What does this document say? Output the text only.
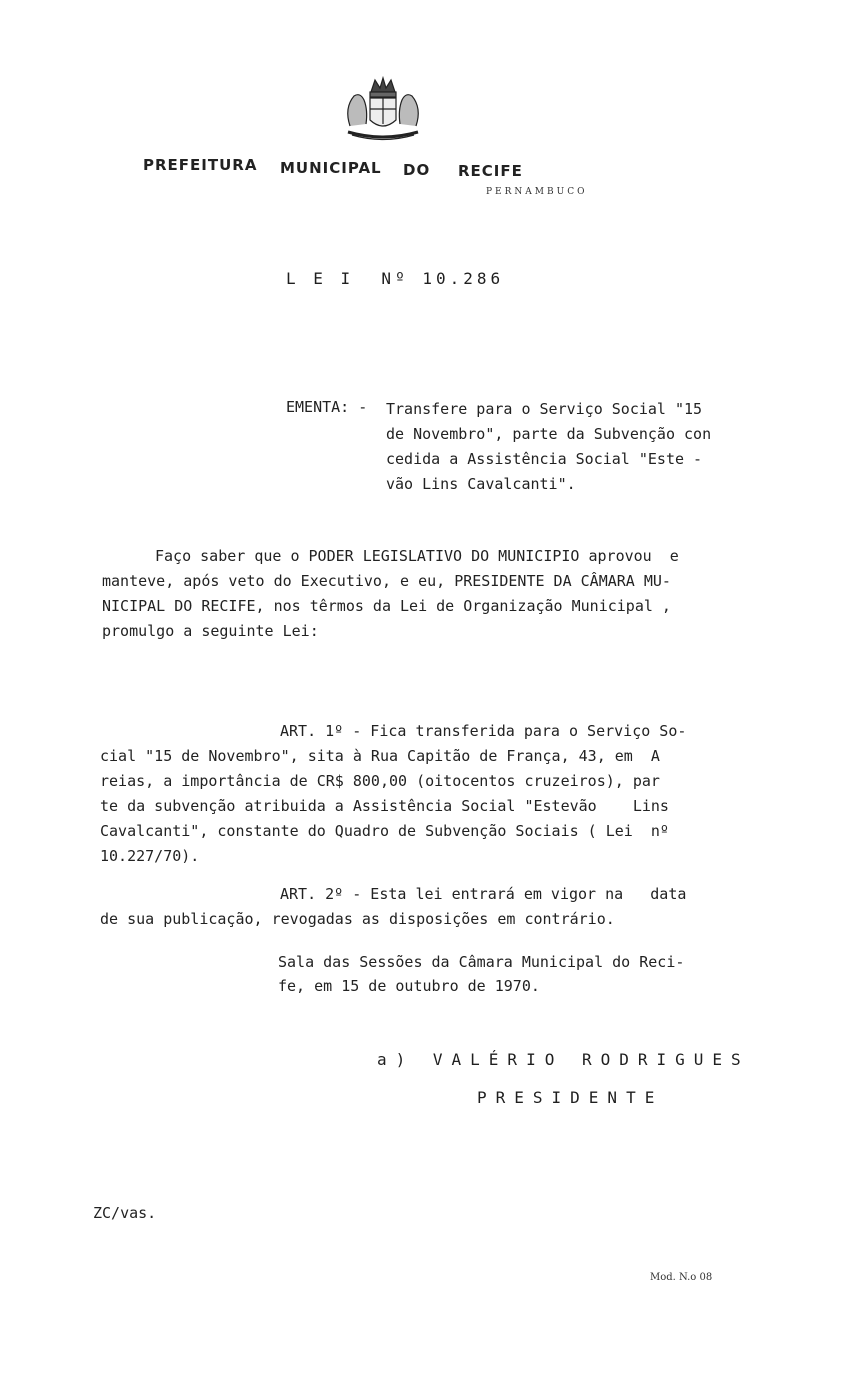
PREFEITURA MUNICIPAL DO RECIFE
PERNAMBUCO
L E I  Nº 10.286
EMENTA: - Transfere para o Serviço Social "15
de Novembro", parte da Subvenção con
cedida a Assistência Social "Este -
vão Lins Cavalcanti".
Faço saber que o PODER LEGISLATIVO DO MUNICIPIO aprovou  e
manteve, após veto do Executivo, e eu, PRESIDENTE DA CÂMARA MU-
NICIPAL DO RECIFE, nos têrmos da Lei de Organização Municipal ,
promulgo a seguinte Lei:
ART. 1º - Fica transferida para o Serviço So-
cial "15 de Novembro", sita à Rua Capitão de França, 43, em  A
reias, a importância de CR$ 800,00 (oitocentos cruzeiros), par
te da subvenção atribuida a Assistência Social "Estevão    Lins
Cavalcanti", constante do Quadro de Subvenção Sociais ( Lei  nº
10.227/70).
ART. 2º - Esta lei entrará em vigor na   data
de sua publicação, revogadas as disposições em contrário.
Sala das Sessões da Câmara Municipal do Reci-
fe, em 15 de outubro de 1970.
a) VALÉRIO RODRIGUES
PRESIDENTE
ZC/vas.
Mod. N.o 08
